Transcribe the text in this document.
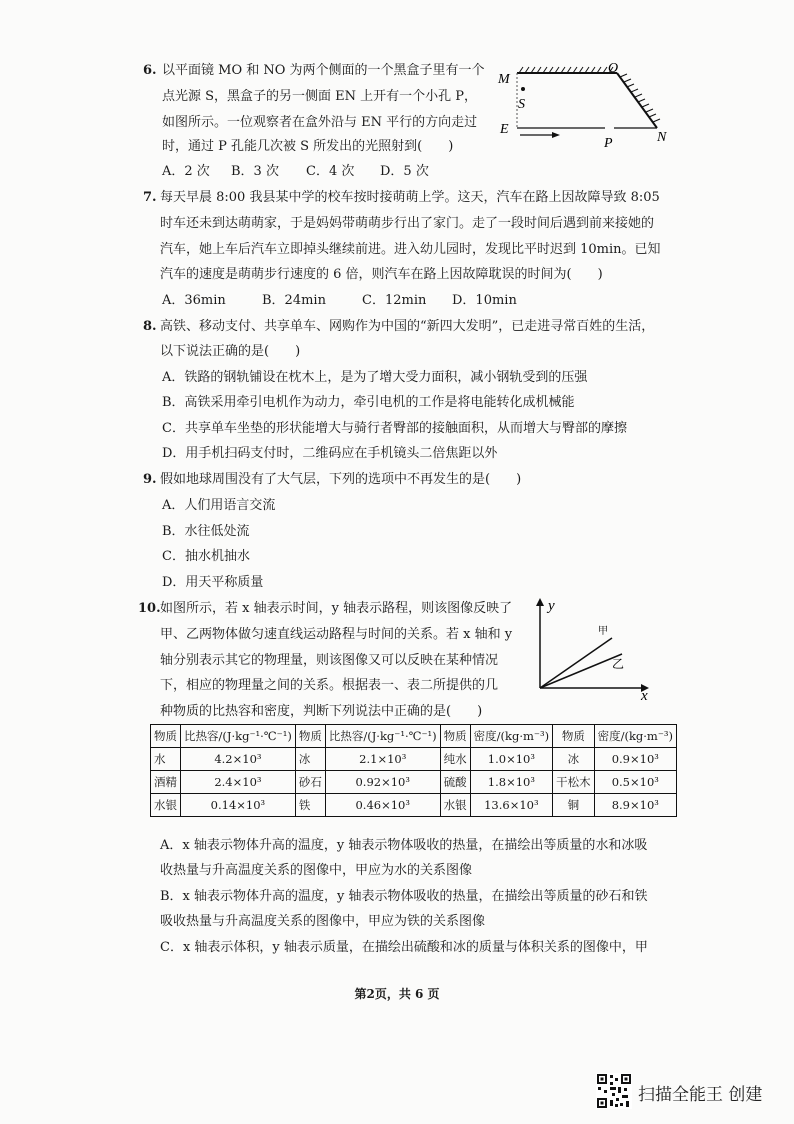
6. 以平面镜 MO 和 NO 为两个侧面的一个黑盒子里有一个
点光源 S，黑盒子的另一侧面 EN 上开有一个小孔 P，
如图所示。一位观察者在盒外沿与 EN 平行的方向走过
时，通过 P 孔能几次被 S 所发出的光照射到(　　)
A．2 次 B．3 次 C．4 次 D．5 次
M
O
S
E
P	N
7. 每天早晨 8:00 我县某中学的校车按时接萌萌上学。这天，汽车在路上因故障导致 8:05
时车还未到达萌萌家，于是妈妈带萌萌步行出了家门。走了一段时间后遇到前来接她的
汽车，她上车后汽车立即掉头继续前进。进入幼儿园时，发现比平时迟到 10min。已知
汽车的速度是萌萌步行速度的 6 倍，则汽车在路上因故障耽误的时间为(　　)
A．36min	B．24min	C．12min D．10min
8. 高铁、移动支付、共享单车、网购作为中国的“新四大发明”，已走进寻常百姓的生活，
以下说法正确的是(　　)
A．铁路的钢轨铺设在枕木上，是为了增大受力面积，减小钢轨受到的压强
B．高铁采用牵引电机作为动力，牵引电机的工作是将电能转化成机械能
C．共享单车坐垫的形状能增大与骑行者臀部的接触面积，从而增大与臀部的摩擦
D．用手机扫码支付时，二维码应在手机镜头二倍焦距以外
9. 假如地球周围没有了大气层，下列的选项中不再发生的是(　　)
A．人们用语言交流
B．水往低处流
C．抽水机抽水
D．用天平称质量
10. 如图所示，若 x 轴表示时间，y 轴表示路程，则该图像反映了
甲、乙两物体做匀速直线运动路程与时间的关系。若 x 轴和 y
轴分别表示其它的物理量，则该图像又可以反映在某种情况
下，相应的物理量之间的关系。根据表一、表二所提供的几
种物质的比热容和密度，判断下列说法中正确的是(　　)
y
x
甲
乙
物质	比热容/(J·kg⁻¹·℃⁻¹)	物质	比热容/(J·kg⁻¹·℃⁻¹)	物质	密度/(kg·m⁻³)	物质	密度/(kg·m⁻³)
水	4.2×10³	冰	2.1×10³	纯水	1.0×10³	冰	0.9×10³
酒精	2.4×10³	砂石	0.92×10³	硫酸	1.8×10³	干松木	0.5×10³
水银	0.14×10³	铁	0.46×10³	水银	13.6×10³	铜	8.9×10³
A．x 轴表示物体升高的温度，y 轴表示物体吸收的热量，在描绘出等质量的水和冰吸
收热量与升高温度关系的图像中，甲应为水的关系图像
B．x 轴表示物体升高的温度，y 轴表示物体吸收的热量，在描绘出等质量的砂石和铁
吸收热量与升高温度关系的图像中，甲应为铁的关系图像
C．x 轴表示体积，y 轴表示质量，在描绘出硫酸和冰的质量与体积关系的图像中，甲
第2页，共 6 页
扫描全能王 创建
